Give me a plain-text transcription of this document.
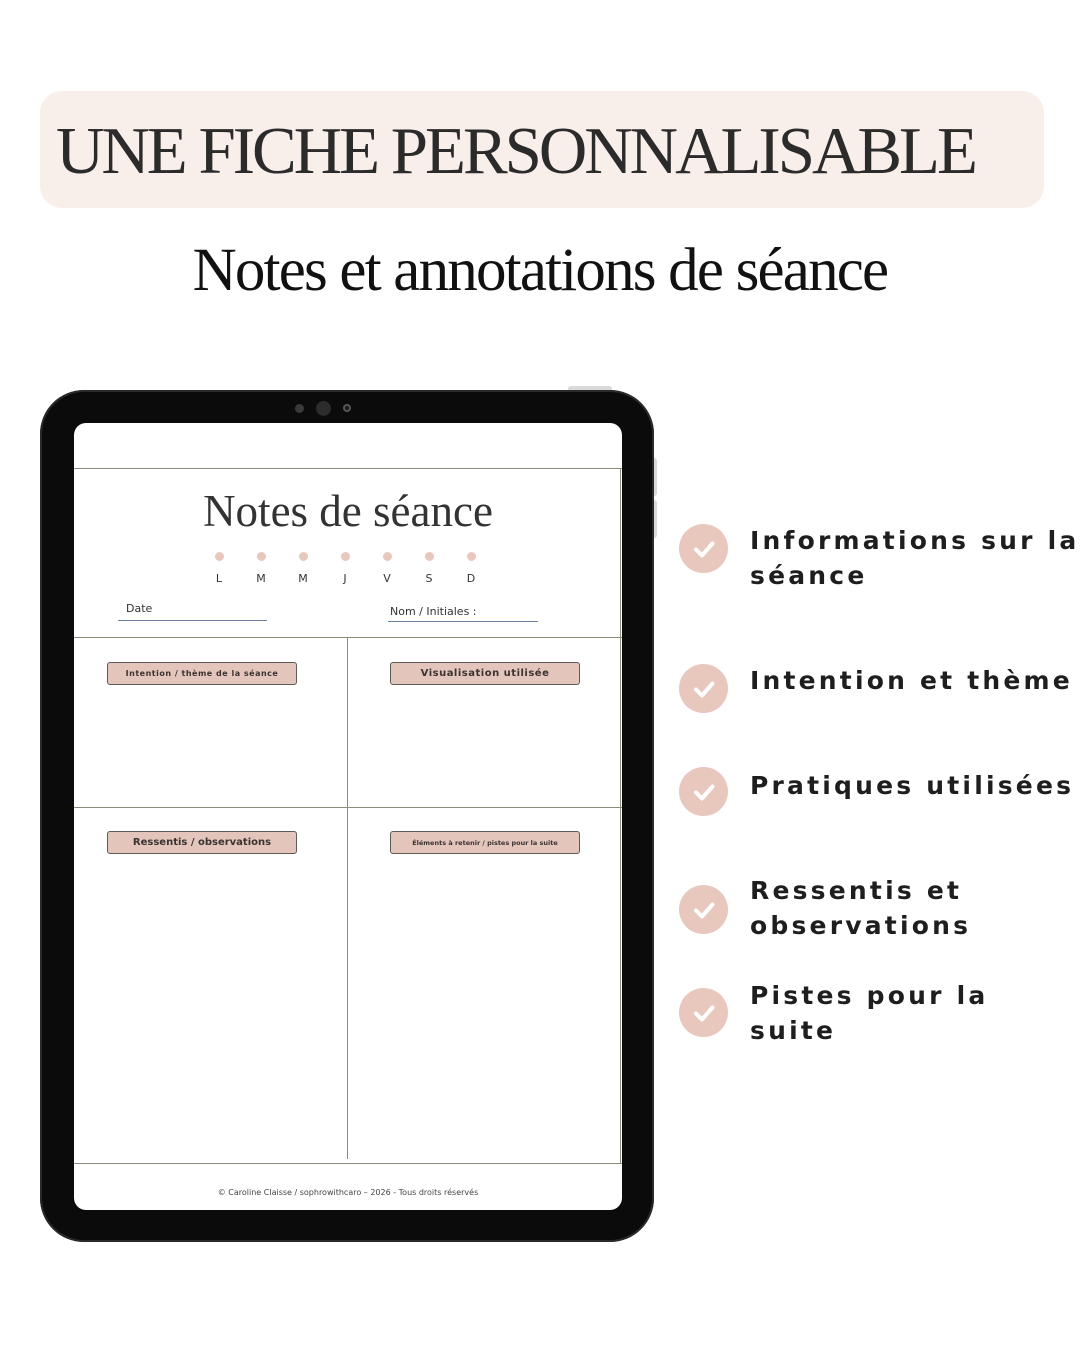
UNE FICHE PERSONNALISABLE
Notes et annotations de séance
Notes de séance
L	M	M	J	V	S	D
Date	Nom / Initiales :
Intention / thème de la séance	Visualisation utilisée
Ressentis / observations	Éléments à retenir / pistes pour la suite
© Caroline Claisse / sophrowithcaro – 2026 - Tous droits réservés
Informations sur la séance
Intention et thème
Pratiques utilisées
Ressentis et observations
Pistes pour la suite
